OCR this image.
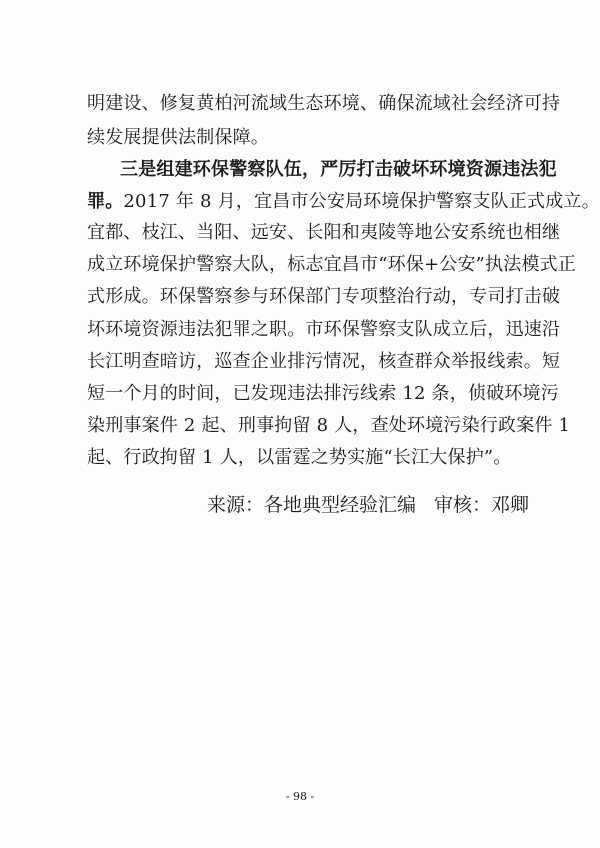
明建设、修复黄柏河流域生态环境、确保流域社会经济可持
续发展提供法制保障。
三是组建环保警察队伍，严厉打击破坏环境资源违法犯
罪。2017 年 8 月，宜昌市公安局环境保护警察支队正式成立。
宜都、枝江、当阳、远安、长阳和夷陵等地公安系统也相继
成立环境保护警察大队，标志宜昌市“环保+公安”执法模式正
式形成。环保警察参与环保部门专项整治行动，专司打击破
坏环境资源违法犯罪之职。市环保警察支队成立后，迅速沿
长江明查暗访，巡查企业排污情况，核查群众举报线索。短
短一个月的时间，已发现违法排污线索 12 条，侦破环境污
染刑事案件 2 起、刑事拘留 8 人，查处环境污染行政案件 1
起、行政拘留 1 人，以雷霆之势实施“长江大保护”。
来源：各地典型经验汇编 审核：邓卿
- 98 -
